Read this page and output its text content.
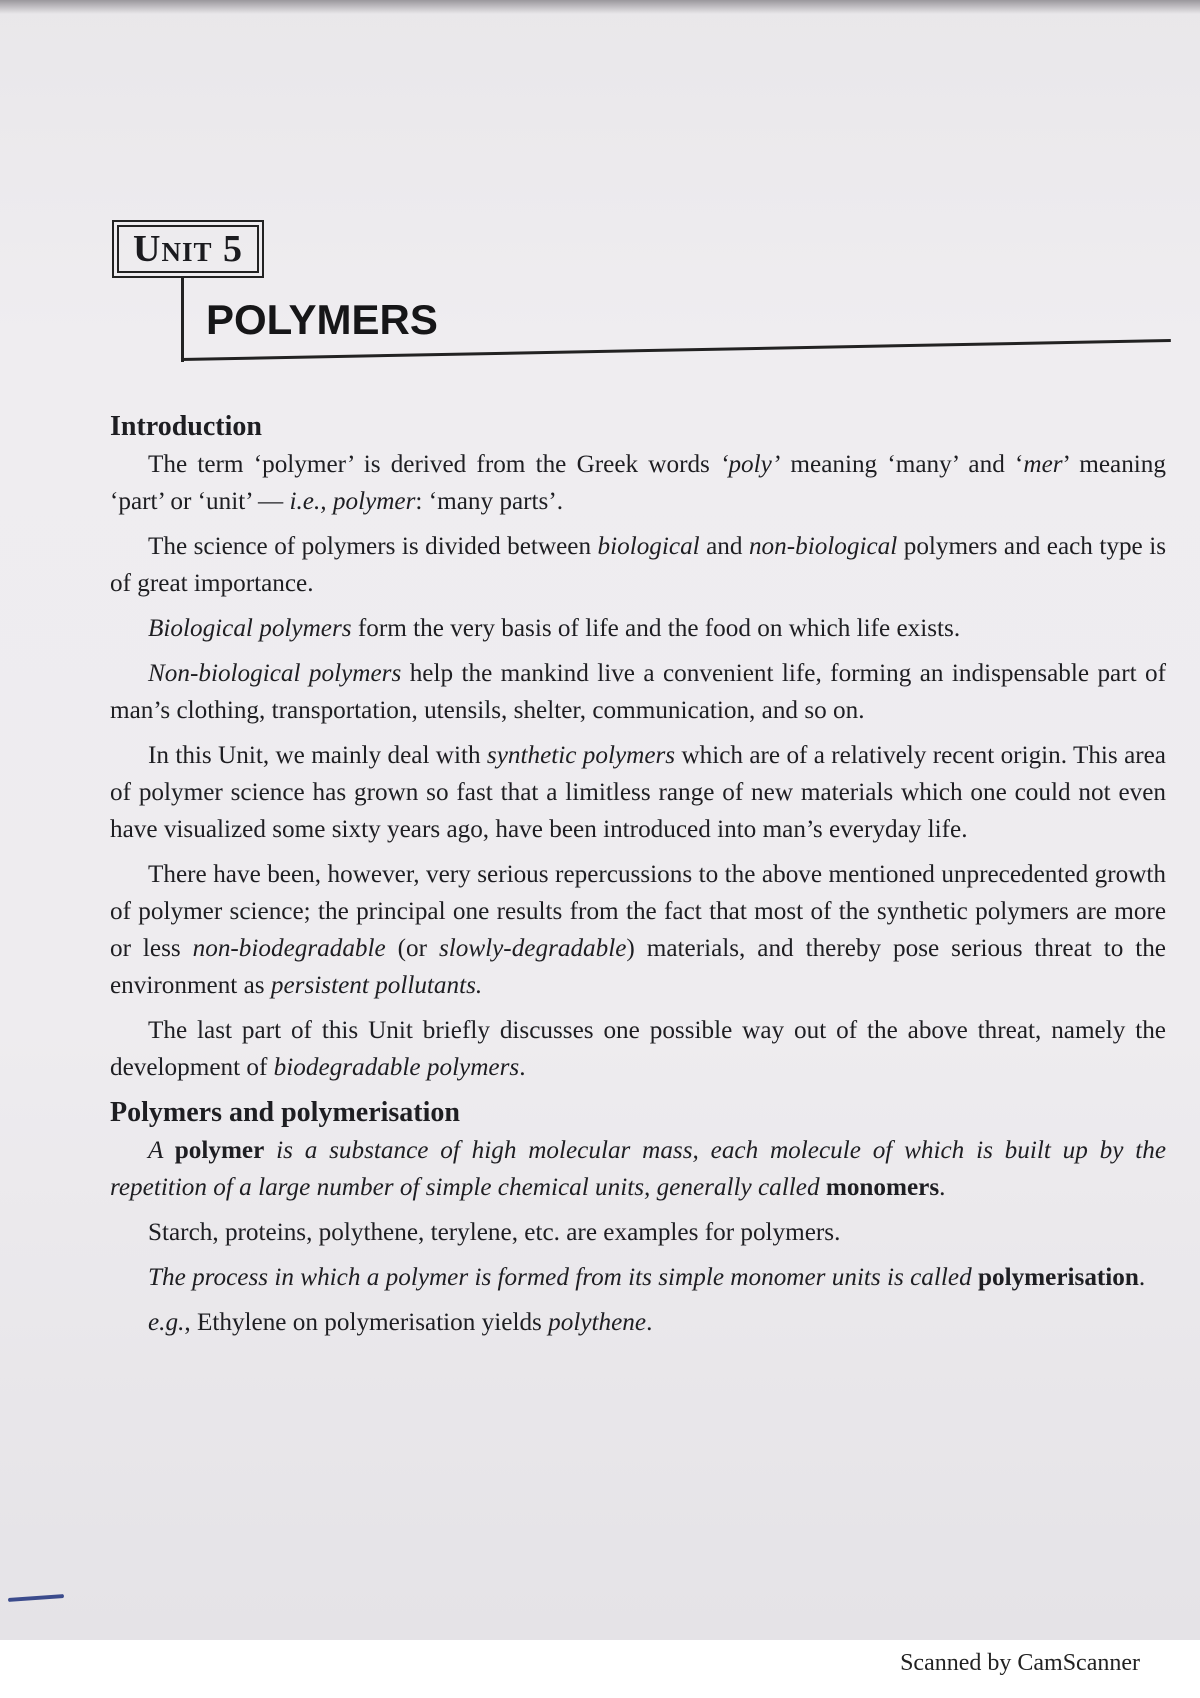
Unit 5
POLYMERS
Introduction

The term ‘polymer’ is derived from the Greek words ‘poly’ meaning ‘many’ and ‘mer’ meaning ‘part’ or ‘unit’ — i.e., polymer: ‘many parts’.

The science of polymers is divided between biological and non-biological polymers and each type is of great importance.

Biological polymers form the very basis of life and the food on which life exists.

Non-biological polymers help the mankind live a convenient life, forming an indispensable part of man’s clothing, transportation, utensils, shelter, communication, and so on.

In this Unit, we mainly deal with synthetic polymers which are of a relatively recent origin. This area of polymer science has grown so fast that a limitless range of new materials which one could not even have visualized some sixty years ago, have been introduced into man’s everyday life.

There have been, however, very serious repercussions to the above mentioned unprecedented growth of polymer science; the principal one results from the fact that most of the synthetic polymers are more or less non-biodegradable (or slowly-degradable) materials, and thereby pose serious threat to the environment as persistent pollutants.

The last part of this Unit briefly discusses one possible way out of the above threat, namely the development of biodegradable polymers.

Polymers and polymerisation

A polymer is a substance of high molecular mass, each molecule of which is built up by the repetition of a large number of simple chemical units, generally called monomers.

Starch, proteins, polythene, terylene, etc. are examples for polymers.

The process in which a polymer is formed from its simple monomer units is called polymerisation.

e.g., Ethylene on polymerisation yields polythene.

Scanned by CamScanner
